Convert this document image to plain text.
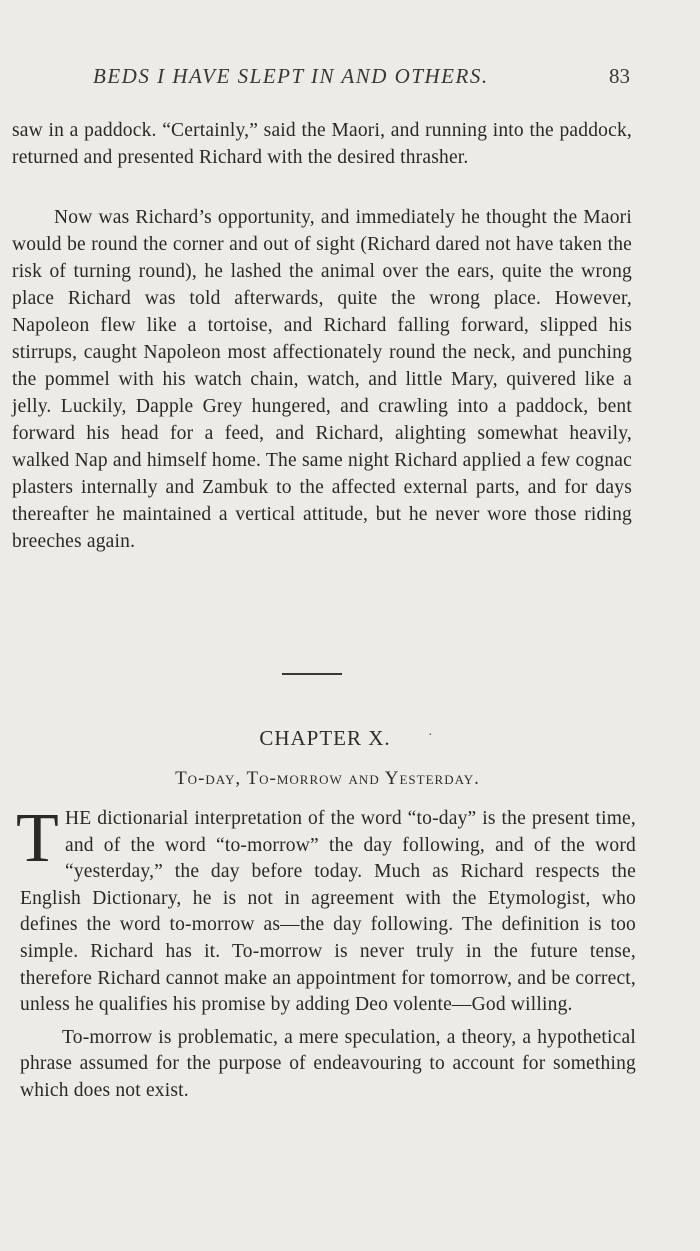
BEDS I HAVE SLEPT IN AND OTHERS.	83

saw in a paddock. “Certainly,” said the Maori, and running into the paddock, returned and presented Richard with the desired thrasher.

Now was Richard’s opportunity, and immediately he thought the Maori would be round the corner and out of sight (Richard dared not have taken the risk of turning round), he lashed the animal over the ears, quite the wrong place Richard was told afterwards, quite the wrong place. However, Napoleon flew like a tortoise, and Richard falling forward, slipped his stirrups, caught Napoleon most affectionately round the neck, and punching the pommel with his watch chain, watch, and little Mary, quivered like a jelly. Luckily, Dapple Grey hungered, and crawling into a paddock, bent forward his head for a feed, and Richard, alighting somewhat heavily, walked Nap and himself home. The same night Richard applied a few cognac plasters internally and Zambuk to the affected external parts, and for days thereafter he maintained a vertical attitude, but he never wore those riding breeches again.

CHAPTER X.	·
To-day, To-morrow and Yesterday.

THE dictionarial interpretation of the word “to-day” is the present time, and of the word “to-morrow” the day following, and of the word “yesterday,” the day before today. Much as Richard respects the English Dictionary, he is not in agreement with the Etymologist, who defines the word to-morrow as—the day following. The definition is too simple. Richard has it. To-morrow is never truly in the future tense, therefore Richard cannot make an appointment for tomorrow, and be correct, unless he qualifies his promise by adding Deo volente—God willing.

To-morrow is problematic, a mere speculation, a theory, a hypothetical phrase assumed for the purpose of endeavouring to account for something which does not exist.
